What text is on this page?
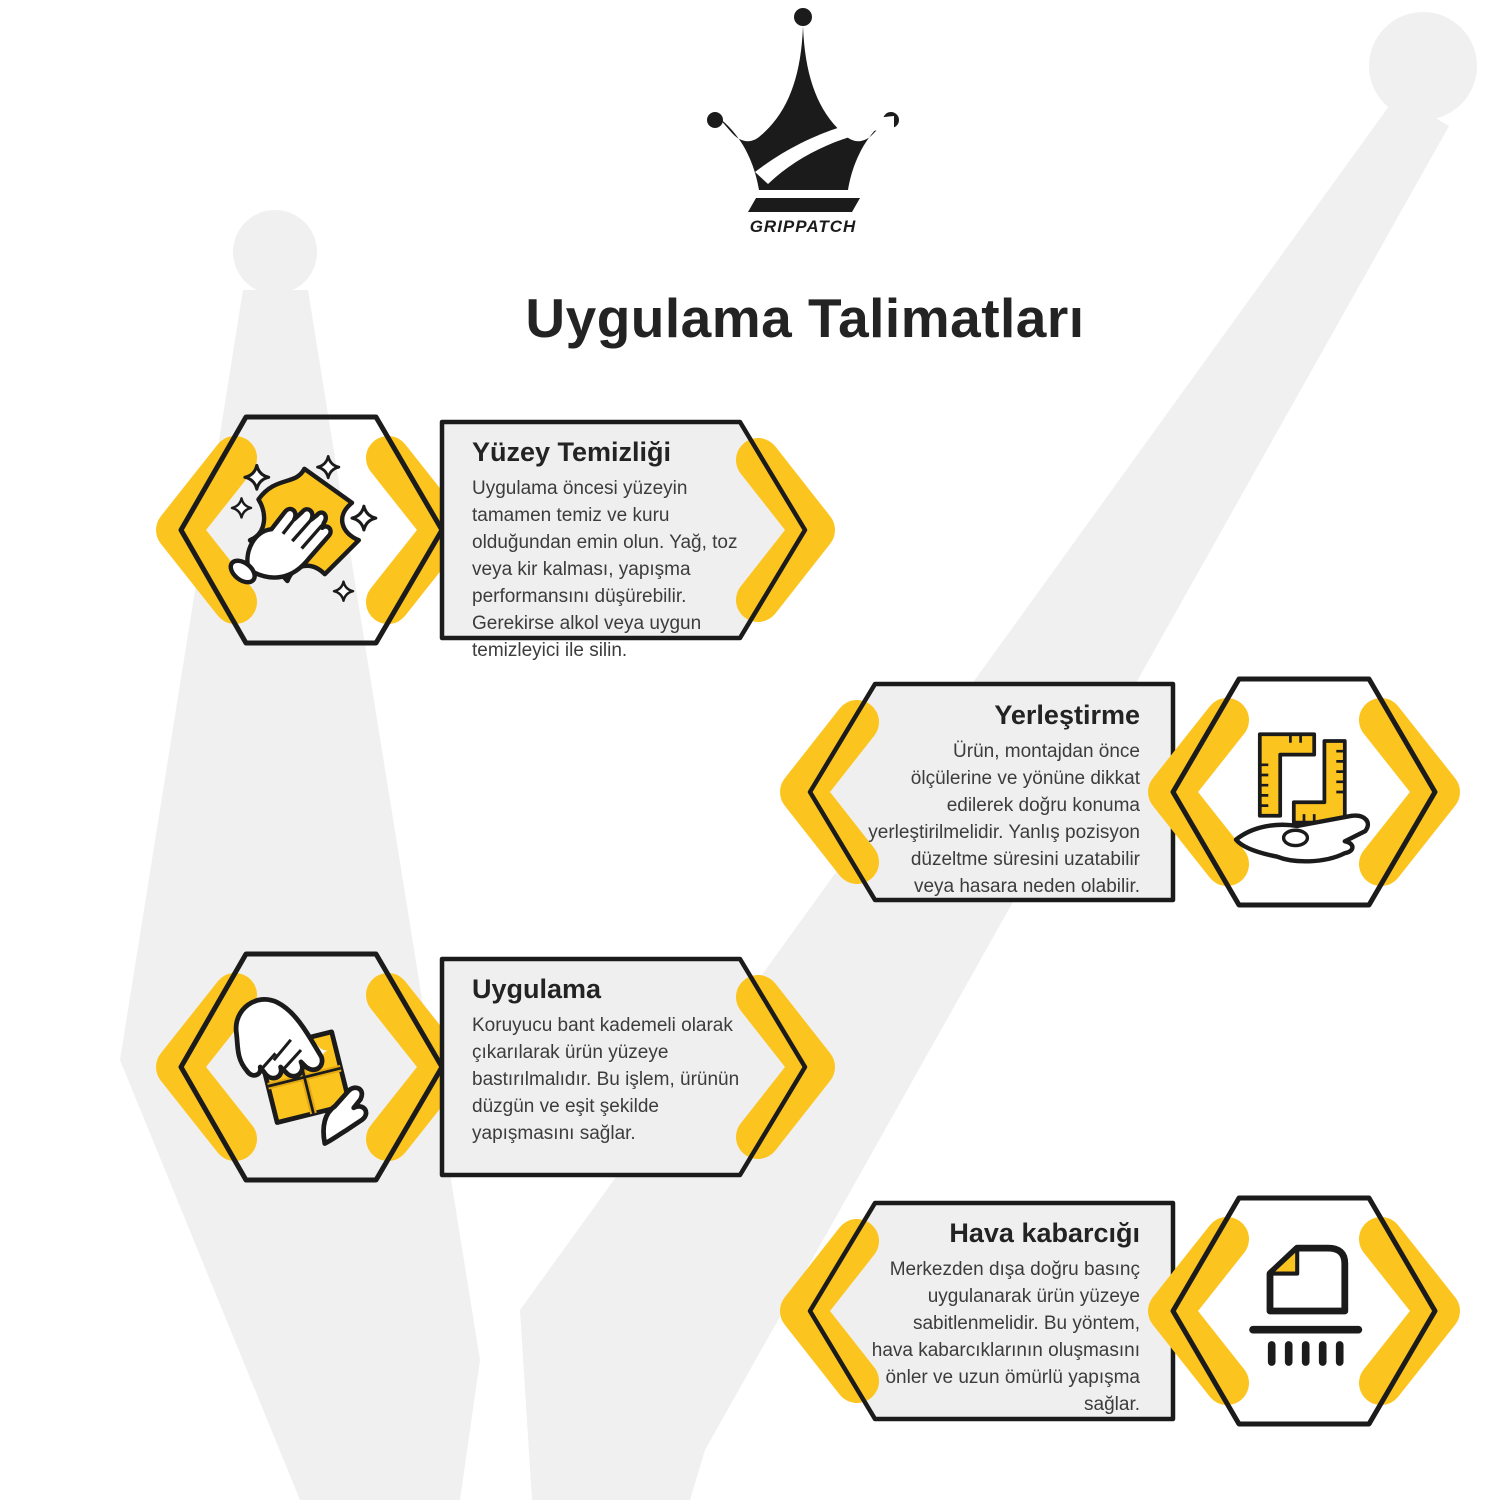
GRIPPATCH
Uygulama Talimatları
Yüzey Temizliği

Uygulama öncesi yüzeyin tamamen temiz ve kuru olduğundan emin olun. Yağ, toz veya kir kalması, yapışma performansını düşürebilir. Gerekirse alkol veya uygun temizleyici ile silin.

Yerleştirme

Ürün, montajdan önce ölçülerine ve yönüne dikkat edilerek doğru konuma yerleştirilmelidir. Yanlış pozisyon düzeltme süresini uzatabilir veya hasara neden olabilir.

Uygulama

Koruyucu bant kademeli olarak çıkarılarak ürün yüzeye bastırılmalıdır. Bu işlem, ürünün düzgün ve eşit şekilde yapışmasını sağlar.

Hava kabarcığı

Merkezden dışa doğru basınç uygulanarak ürün yüzeye sabitlenmelidir. Bu yöntem, hava kabarcıklarının oluşmasını önler ve uzun ömürlü yapışma sağlar.
